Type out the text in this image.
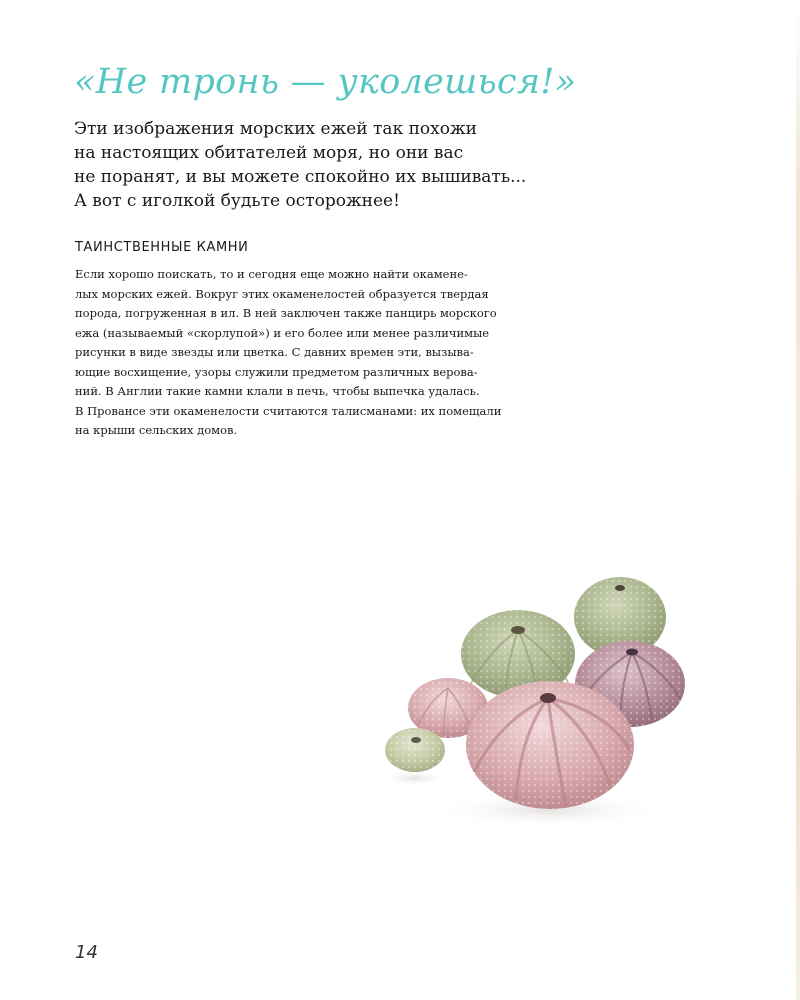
«Не тронь — уколешься!»
Эти изображения морских ежей так похожи
на настоящих обитателей моря, но они вас
не поранят, и вы можете спокойно их вышивать...
А вот с иголкой будьте осторожнее!
ТАИНСТВЕННЫЕ КАМНИ
Если хорошо поискать, то и сегодня еще можно найти окамене-
лых морских ежей. Вокруг этих окаменелостей образуется твердая
порода, погруженная в ил. В ней заключен также панцирь морского
ежа (называемый «скорлупой») и его более или менее различимые
рисунки в виде звезды или цветка. С давних времен эти, вызыва-
ющие восхищение, узоры служили предметом различных верова-
ний. В Англии такие камни клали в печь, чтобы выпечка удалась.
В Провансе эти окаменелости считаются талисманами: их помещали
на крыши сельских домов.
14
